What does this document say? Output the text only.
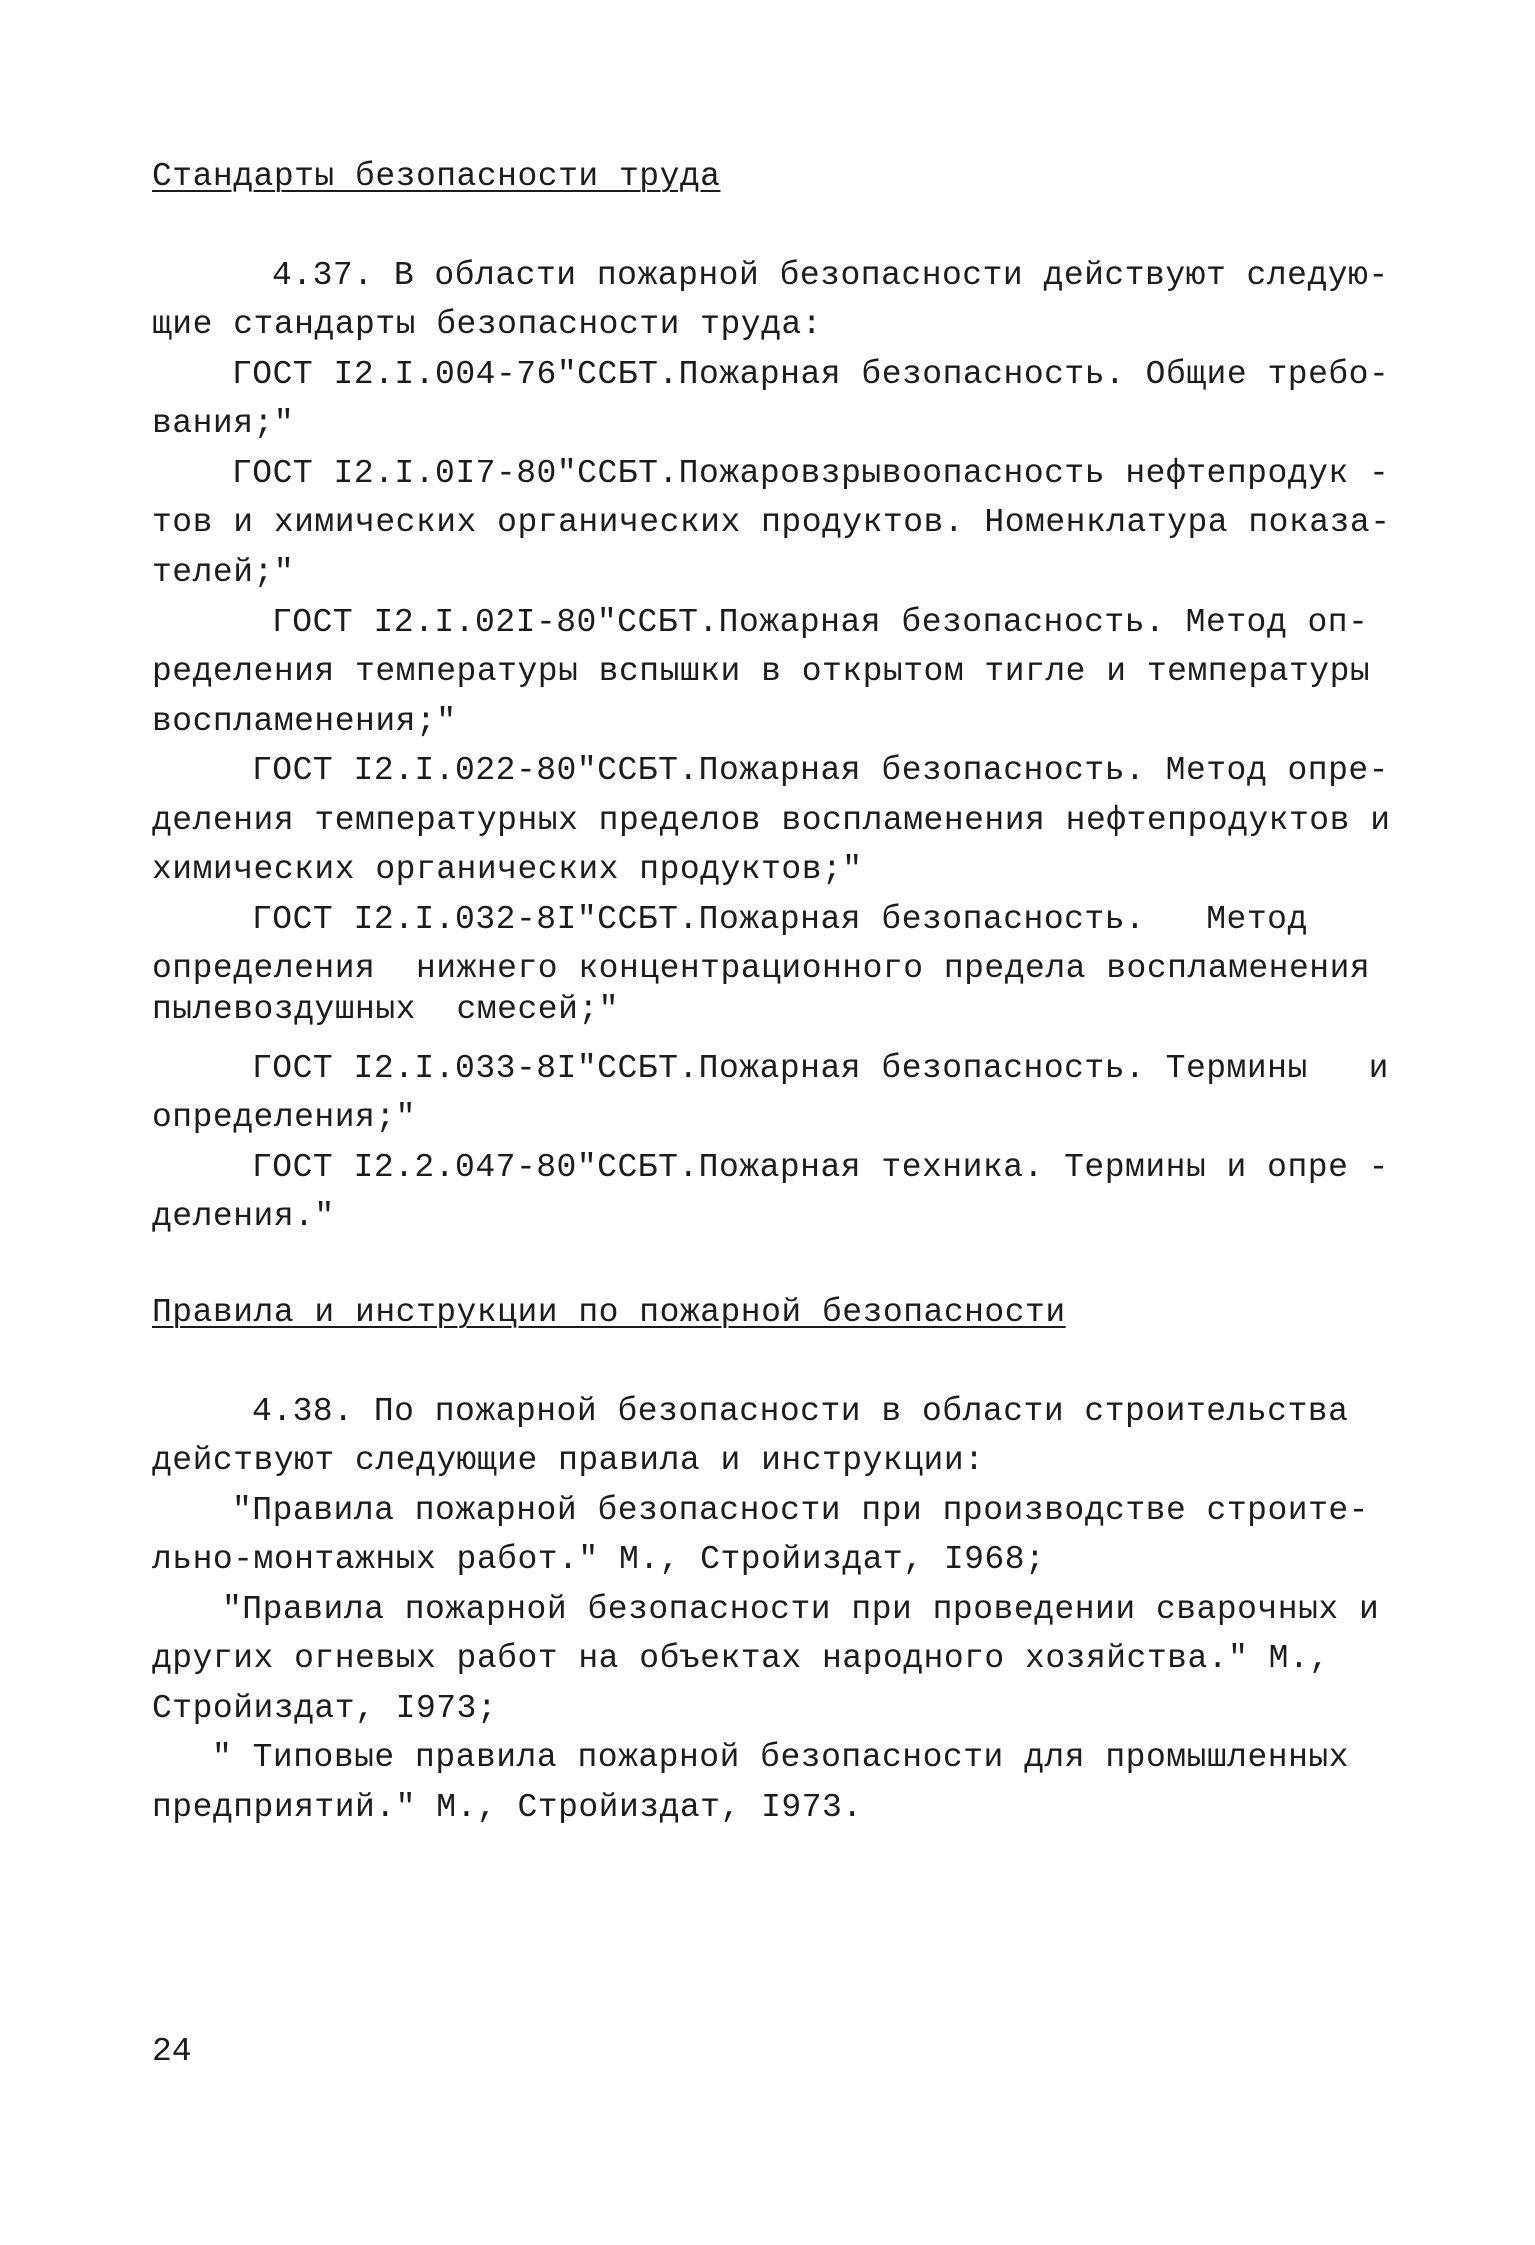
Стандарты безопасности труда
4.37. В области пожарной безопасности действуют следую-
щие стандарты безопасности труда:
ГОСТ I2.I.004-76"ССБТ.Пожарная безопасность. Общие требо-
вания;"
ГОСТ I2.I.0I7-80"ССБТ.Пожаровзрывоопасность нефтепродук -
тов и химических органических продуктов. Номенклатура показа-
телей;"
ГОСТ I2.I.02I-80"ССБТ.Пожарная безопасность. Метод оп-
ределения температуры вспышки в открытом тигле и температуры
воспламенения;"
ГОСТ I2.I.022-80"ССБТ.Пожарная безопасность. Метод опре-
деления температурных пределов воспламенения нефтепродуктов и
химических органических продуктов;"
ГОСТ I2.I.032-8I"ССБТ.Пожарная безопасность.   Метод
определения  нижнего концентрационного предела воспламенения
пылевоздушных  смесей;"
ГОСТ I2.I.033-8I"ССБТ.Пожарная безопасность. Термины   и
определения;"
ГОСТ I2.2.047-80"ССБТ.Пожарная техника. Термины и опре -
деления."
Правила и инструкции по пожарной безопасности
4.38. По пожарной безопасности в области строительства
действуют следующие правила и инструкции:
"Правила пожарной безопасности при производстве строите-
льно-монтажных работ." М., Стройиздат, I968;
"Правила пожарной безопасности при проведении сварочных и
других огневых работ на объектах народного хозяйства." М.,
Стройиздат, I973;
" Типовые правила пожарной безопасности для промышленных
предприятий." М., Стройиздат, I973.
24
